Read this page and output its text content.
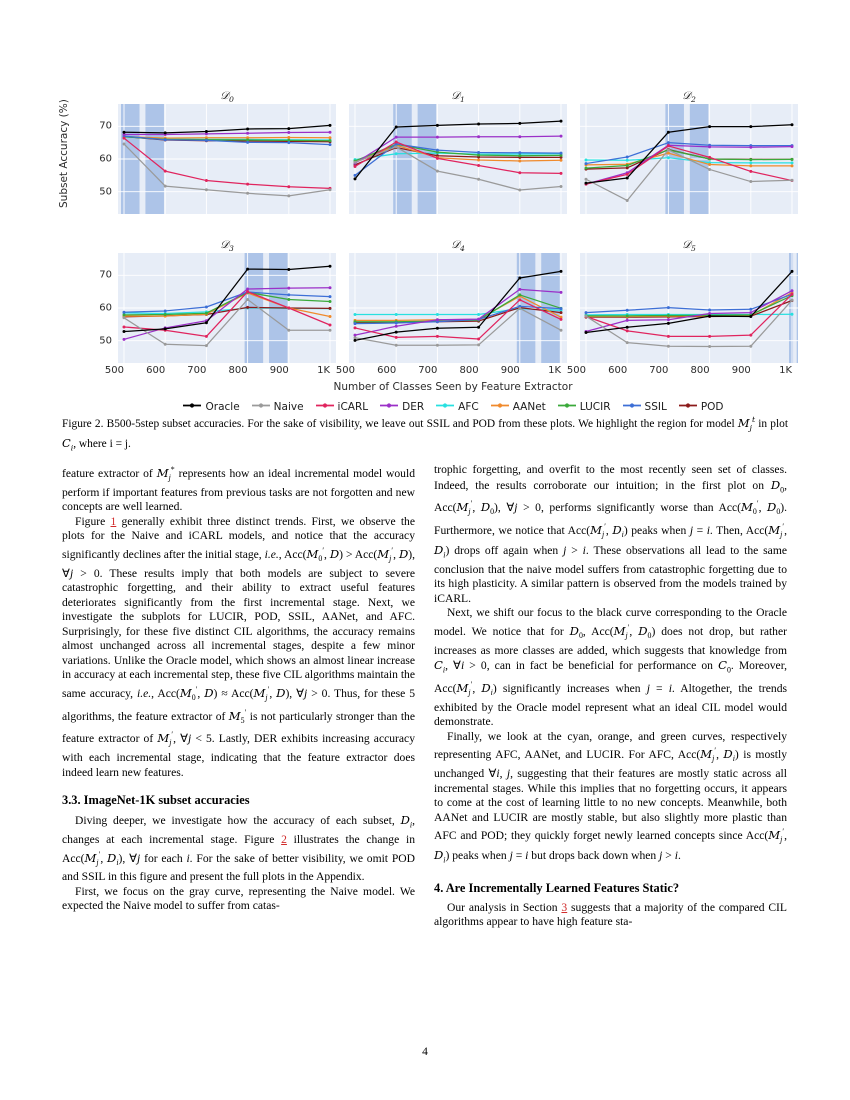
Subset Accuracy (%)
𝒟$_0$
50
60
70
𝒟$_1$	𝒟$_2$
𝒟$_3$
50
60
70
500 600 700 800 900	1K
𝒟$_4$
500 600 700 800 900	1K
𝒟$_5$
500 600 700 800 900	1K
Number of Classes Seen by Feature Extractor
Oracle	Naive	iCARL	DER	AFC	AANet	LUCIR	SSIL	POD
Figure 2. B500-5step subset accuracies. For the sake of visibility, we leave out SSIL and POD from these plots. We highlight the region for model $M_j^t$ in plot $C_i$, where i = j.

feature extractor of $M_j^*$ represents how an ideal incremental model would perform if important features from previous tasks are not forgotten and new concepts are well learned.

Figure 1 generally exhibit three distinct trends. First, we observe the plots for the Naive and iCARL models, and notice that the accuracy significantly declines after the initial stage, i.e., $Acc(M_0'$, $D) > Acc(M_j'$, D), ∀j > 0. These results imply that both models are subject to severe catastrophic forgetting, and their ability to extract useful features deteriorates significantly from the first incremental stage. Next, we investigate the subplots for LUCIR, POD, SSIL, AANet, and AFC. Surprisingly, for these five distinct CIL algorithms, the accuracy remains almost unchanged across all incremental stages, despite a few minor variations. Unlike the Oracle model, which shows an almost linear increase in accuracy at each incremental step, these five CIL algorithms maintain the same accuracy, i.e., $Acc(M_0'$, $D) \approx Acc(M_j'$, D), ∀j > 0. Thus, for these 5 algorithms, the feature extractor of $M_5'$ is not particularly stronger than the feature extractor of $M_j'$, ∀j < 5. Lastly, DER exhibits increasing accuracy with each incremental stage, indicating that the feature extractor does indeed learn new features.

3.3. ImageNet-1K subset accuracies

Diving deeper, we investigate how the accuracy of each subset, $D_i$, changes at each incremental stage. Figure 2 illustrates the change in $Acc(M_j'$, $D_i$), ∀j for each i. For the sake of better visibility, we omit POD and SSIL in this figure and present the full plots in the Appendix.

First, we focus on the gray curve, representing the Naive model. We expected the Naive model to suffer from catas-

trophic forgetting, and overfit to the most recently seen set of classes. Indeed, the results corroborate our intuition; in the first plot on $D_0$, $Acc(M_j'$, $D_0$), ∀j > 0, performs significantly worse than $Acc(M_0'$, $D_0$). Furthermore, we notice that $Acc(M_j'$, $D_i$) peaks when j = i. Then, $Acc(M_j'$, $D_i$) drops off again when j > i. These observations all lead to the same conclusion that the naive model suffers from catastrophic forgetting due to its high plasticity. A similar pattern is observed from the models trained by iCARL.

Next, we shift our focus to the black curve corresponding to the Oracle model. We notice that for $D_0$, $Acc(M_j'$, $D_0$) does not drop, but rather increases as more classes are added, which suggests that knowledge from $C_i$, ∀i > 0, can in fact be beneficial for performance on $C_0$. Moreover, $Acc(M_j'$, $D_i$) significantly increases when j = i. Altogether, the trends exhibited by the Oracle model represent what an ideal CIL model would demonstrate.

Finally, we look at the cyan, orange, and green curves, respectively representing AFC, AANet, and LUCIR. For AFC, $Acc(M_j'$, $D_i$) is mostly unchanged ∀i, j, suggesting that their features are mostly static across all incremental stages. While this implies that no forgetting occurs, it appears to come at the cost of learning little to no new concepts. Meanwhile, both AANet and LUCIR are mostly stable, but also slightly more plastic than AFC and POD; they quickly forget newly learned concepts since $Acc(M_j'$, $D_i$) peaks when j = i but drops back down when j > i.

4. Are Incrementally Learned Features Static?

Our analysis in Section 3 suggests that a majority of the compared CIL algorithms appear to have high feature sta-

4
